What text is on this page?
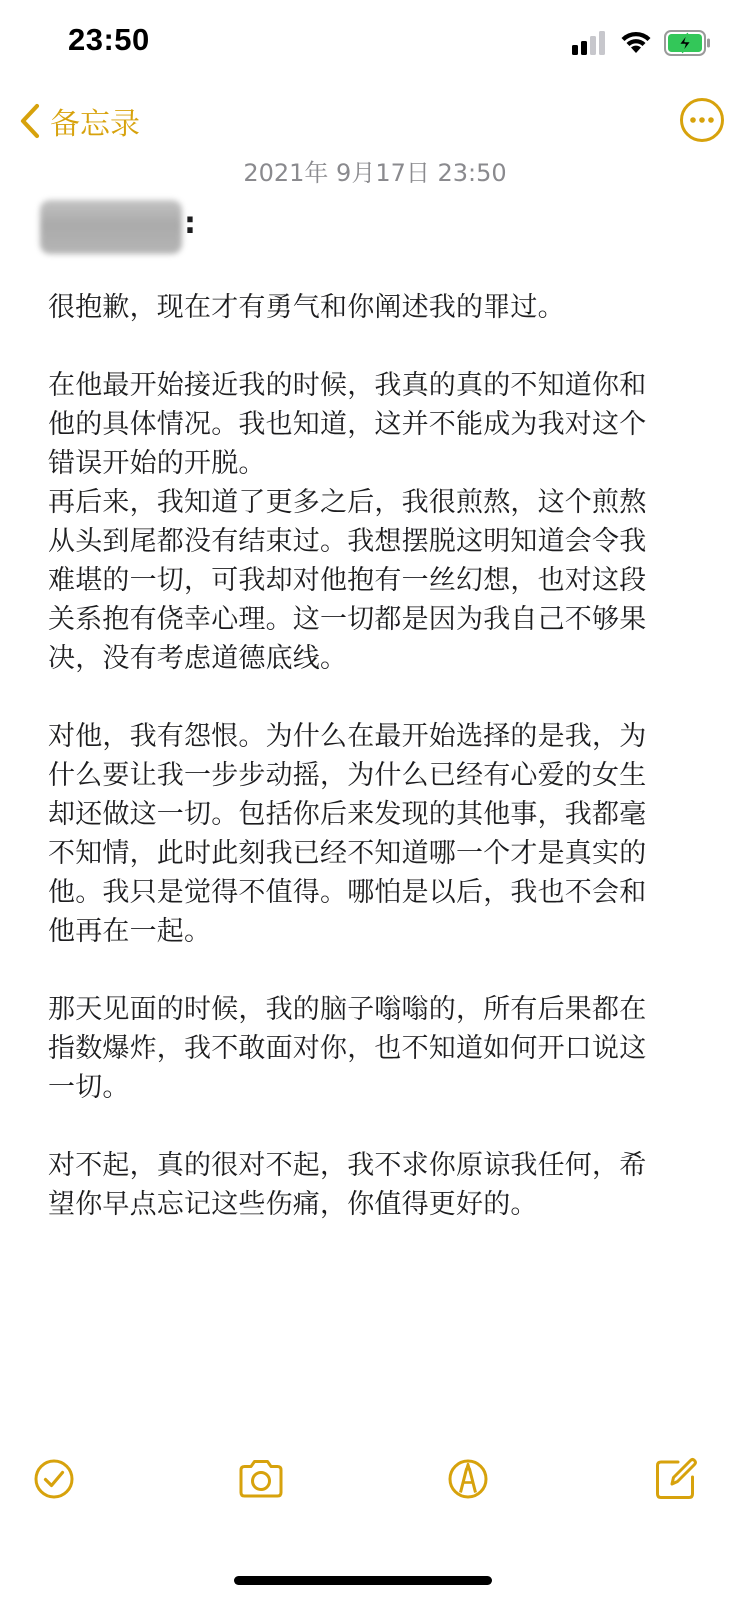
23:50
备忘录
2021年 9月17日 23:50
:

很抱歉，现在才有勇气和你阐述我的罪过。

在他最开始接近我的时候，我真的真的不知道你和
他的具体情况。我也知道，这并不能成为我对这个
错误开始的开脱。
再后来，我知道了更多之后，我很煎熬，这个煎熬
从头到尾都没有结束过。我想摆脱这明知道会令我
难堪的一切，可我却对他抱有一丝幻想，也对这段
关系抱有侥幸心理。这一切都是因为我自己不够果
决，没有考虑道德底线。

对他，我有怨恨。为什么在最开始选择的是我，为
什么要让我一步步动摇，为什么已经有心爱的女生
却还做这一切。包括你后来发现的其他事，我都毫
不知情，此时此刻我已经不知道哪一个才是真实的
他。我只是觉得不值得。哪怕是以后，我也不会和
他再在一起。

那天见面的时候，我的脑子嗡嗡的，所有后果都在
指数爆炸，我不敢面对你，也不知道如何开口说这
一切。

对不起，真的很对不起，我不求你原谅我任何，希
望你早点忘记这些伤痛，你值得更好的。
